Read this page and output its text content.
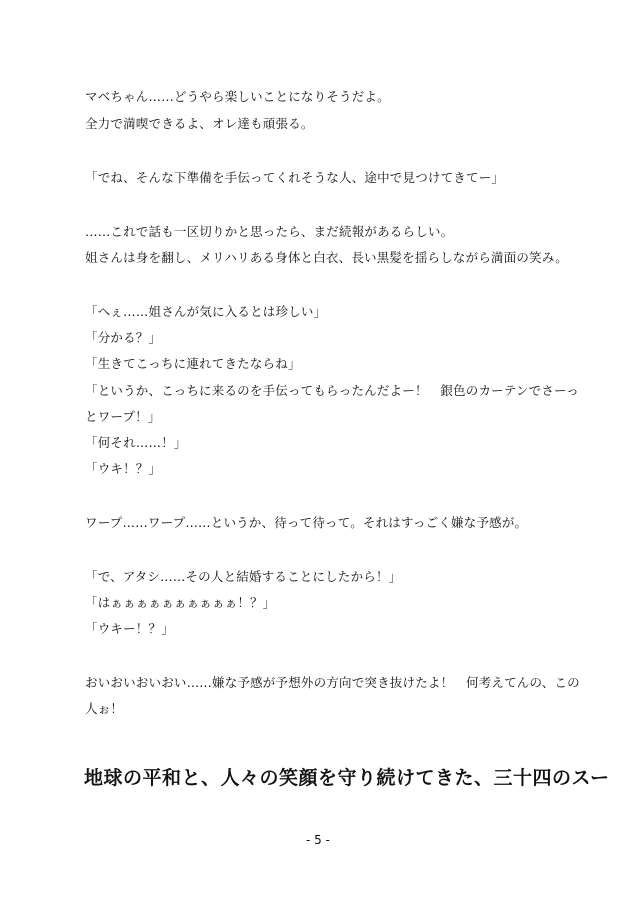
マベちゃん……どうやら楽しいことになりそうだよ。
全力で満喫できるよ、オレ達も頑張る。
「でね、そんな下準備を手伝ってくれそうな人、途中で見つけてきてー」
……これで話も一区切りかと思ったら、まだ続報があるらしい。
姐さんは身を翻し、メリハリある身体と白衣、長い黒髪を揺らしながら満面の笑み。
「へぇ……姐さんが気に入るとは珍しい」
「分かる？」
「生きてこっちに連れてきたならね」
「というか、こっちに来るのを手伝ってもらったんだよー！　銀色のカーテンでさーっ
とワープ！」
「何それ……！」
「ウキ！？」
ワープ……ワープ……というか、待って待って。それはすっごく嫌な予感が。
「で、アタシ……その人と結婚することにしたから！」
「はぁぁぁぁぁぁぁぁぁぁ！？」
「ウキー！？」
おいおいおいおい……嫌な予感が予想外の方向で突き抜けたよ！　何考えてんの、この
人ぉ！
地球の平和と、人々の笑顔を守り続けてきた、三十四のスー
- 5 -
